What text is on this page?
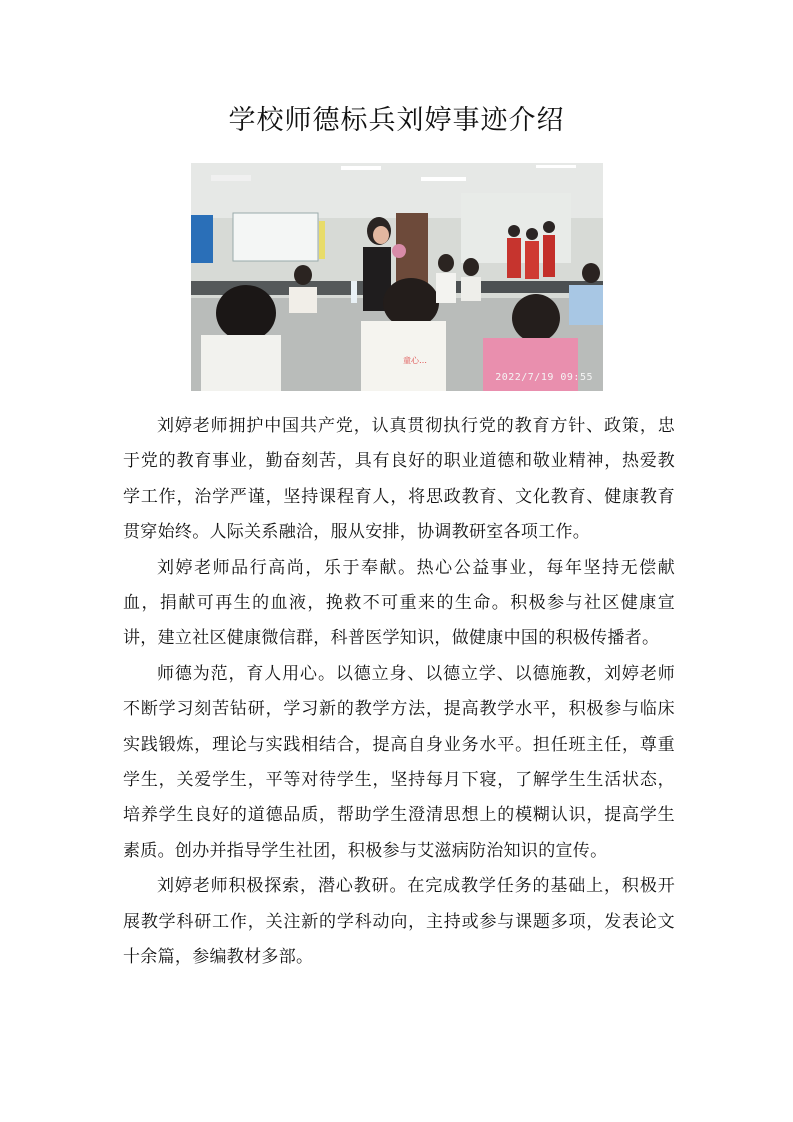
学校师德标兵刘婷事迹介绍
童心…
2022/7/19 09:55

刘婷老师拥护中国共产党，认真贯彻执行党的教育方针、政策，忠于党的教育事业，勤奋刻苦，具有良好的职业道德和敬业精神，热爱教学工作，治学严谨，坚持课程育人，将思政教育、文化教育、健康教育贯穿始终。人际关系融洽，服从安排，协调教研室各项工作。

刘婷老师品行高尚，乐于奉献。热心公益事业，每年坚持无偿献血，捐献可再生的血液，挽救不可重来的生命。积极参与社区健康宣讲，建立社区健康微信群，科普医学知识，做健康中国的积极传播者。

师德为范，育人用心。以德立身、以德立学、以德施教，刘婷老师不断学习刻苦钻研，学习新的教学方法，提高教学水平，积极参与临床实践锻炼，理论与实践相结合，提高自身业务水平。担任班主任，尊重学生，关爱学生，平等对待学生，坚持每月下寝，了解学生生活状态，培养学生良好的道德品质，帮助学生澄清思想上的模糊认识，提高学生素质。创办并指导学生社团，积极参与艾滋病防治知识的宣传。

刘婷老师积极探索，潜心教研。在完成教学任务的基础上，积极开展教学科研工作，关注新的学科动向，主持或参与课题多项，发表论文十余篇，参编教材多部。
